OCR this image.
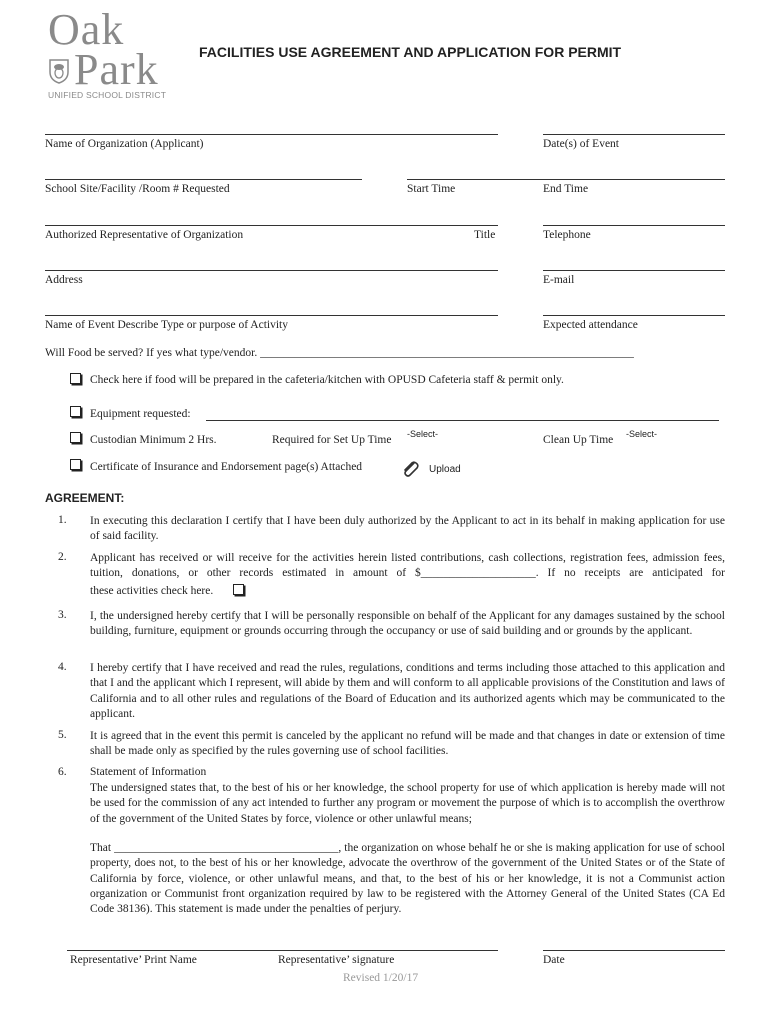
Oak
Park
UNIFIED SCHOOL DISTRICT
FACILITIES USE AGREEMENT AND APPLICATION FOR PERMIT
Name of Organization (Applicant)	Date(s) of Event
School Site/Facility /Room # Requested	Start Time	End Time
Authorized Representative of Organization	Title	Telephone
Address	E-mail
Name of Event Describe Type or purpose of Activity	Expected attendance
Will Food be served? If yes what type/vendor. _________________________________________________________________
Check here if food will be prepared in the cafeteria/kitchen with OPUSD Cafeteria staff & permit only.
Equipment requested:
Custodian Minimum 2 Hrs.	Required for Set Up Time -Select-	Clean Up Time -Select-
Certificate of Insurance and Endorsement page(s) Attached	Upload
AGREEMENT:
1. In executing this declaration I certify that I have been duly authorized by the Applicant to act in its behalf in making application for use of said facility.
2. Applicant has received or will receive for the activities herein listed contributions, cash collections, registration fees, admission fees, tuition, donations, or other records estimated in amount of $____________________. If no receipts are anticipated for
these activities check here.
3. I, the undersigned hereby certify that I will be personally responsible on behalf of the Applicant for any damages sustained by the school building, furniture, equipment or grounds occurring through the occupancy or use of said building and or grounds by the applicant.
4. I hereby certify that I have received and read the rules, regulations, conditions and terms including those attached to this application and that I and the applicant which I represent, will abide by them and will conform to all applicable provisions of the Constitution and laws of California and to all other rules and regulations of the Board of Education and its authorized agents which may be communicated to the applicant.
5. It is agreed that in the event this permit is canceled by the applicant no refund will be made and that changes in date or extension of time shall be made only as specified by the rules governing use of school facilities.
6. Statement of Information
The undersigned states that, to the best of his or her knowledge, the school property for use of which application is hereby made will not be used for the commission of any act intended to further any program or movement the purpose of which is to accomplish the overthrow of the government of the United States by force, violence or other unlawful means;
That _______________________________________, the organization on whose behalf he or she is making application for use of school property, does not, to the best of his or her knowledge, advocate the overthrow of the government of the United States or of the State of California by force, violence, or other unlawful means, and that, to the best of his or her knowledge, it is not a Communist action organization or Communist front organization required by law to be registered with the Attorney General of the United States (CA Ed Code 38136). This statement is made under the penalties of perjury.
Representative’ Print Name	Representative’ signature	Date
Revised 1/20/17
